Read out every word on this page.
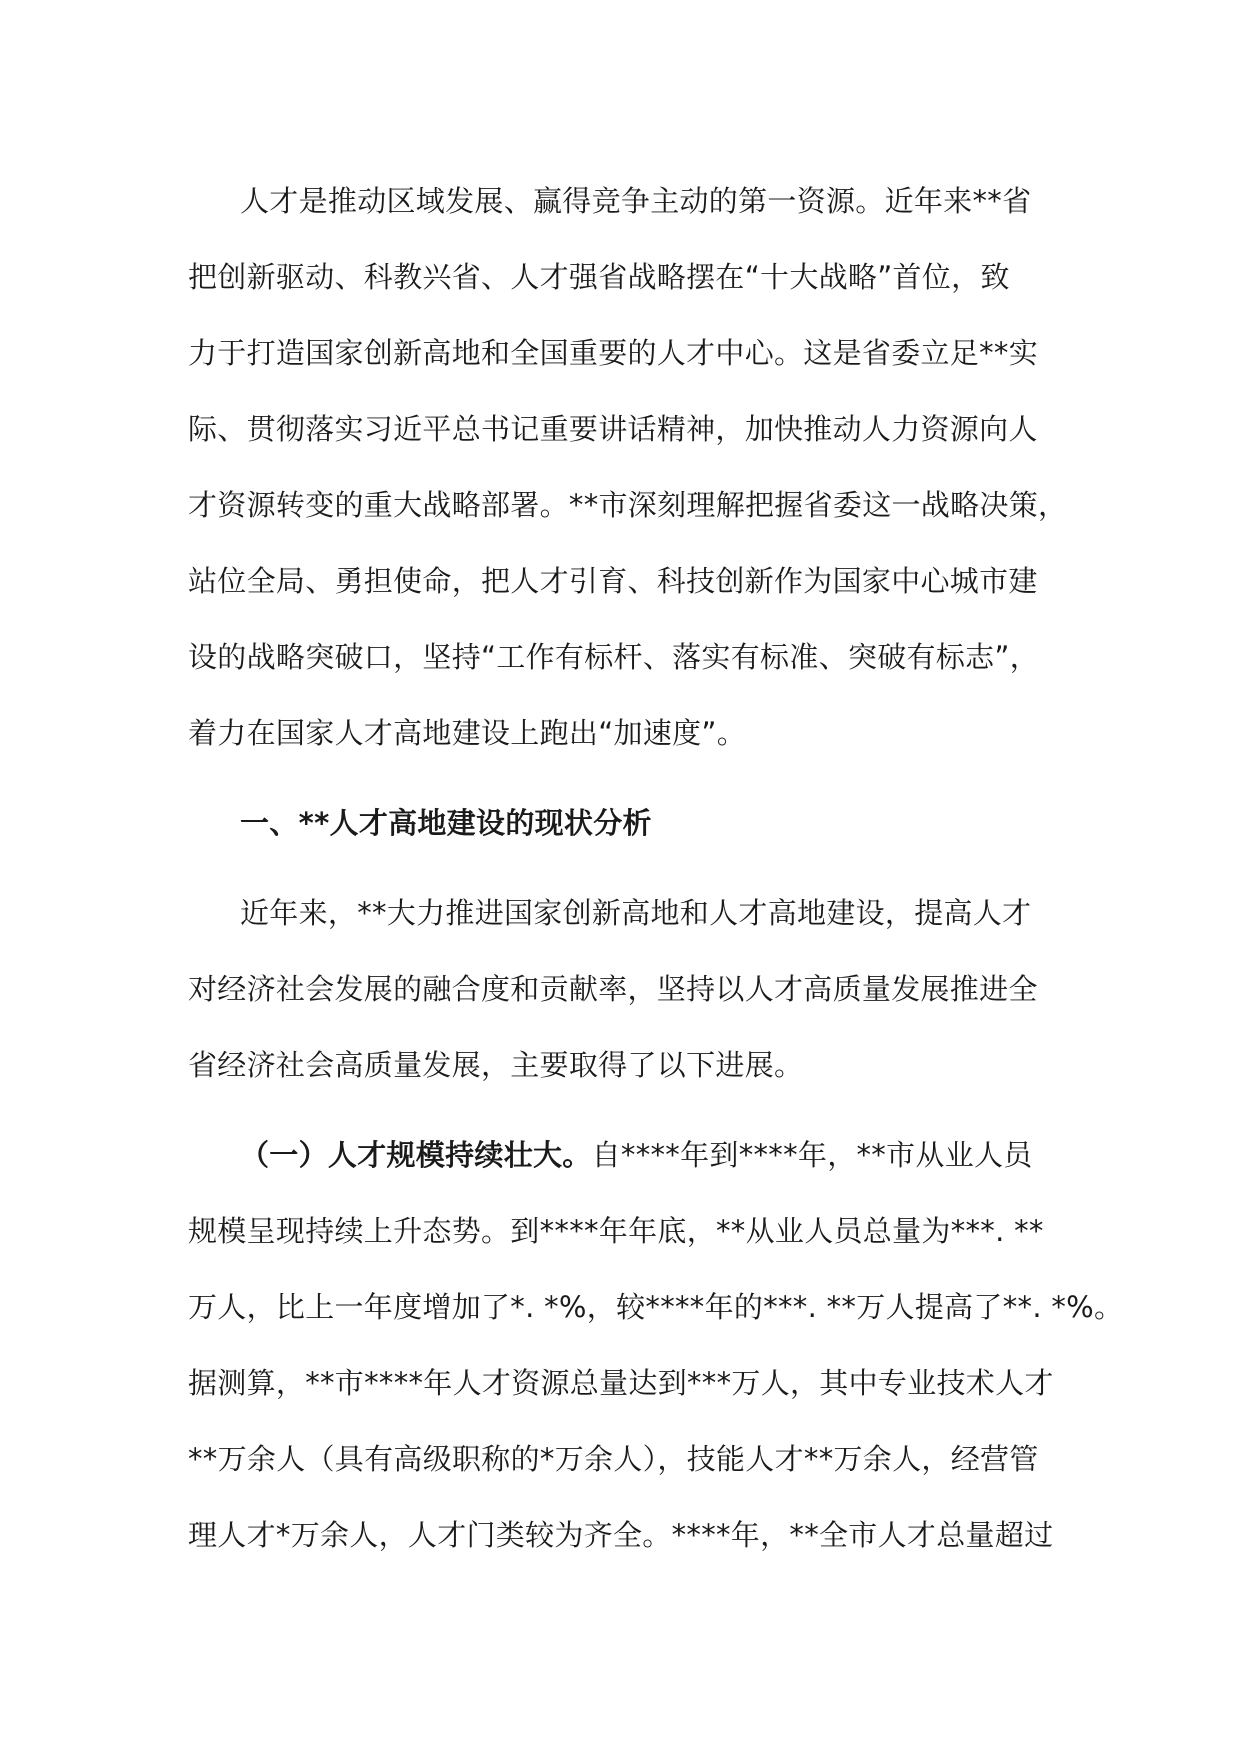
人才是推动区域发展、赢得竞争主动的第一资源。近年来**省
把创新驱动、科教兴省、人才强省战略摆在“十大战略”首位，致
力于打造国家创新高地和全国重要的人才中心。这是省委立足**实
际、贯彻落实习近平总书记重要讲话精神，加快推动人力资源向人
才资源转变的重大战略部署。**市深刻理解把握省委这一战略决策，
站位全局、勇担使命，把人才引育、科技创新作为国家中心城市建
设的战略突破口，坚持“工作有标杆、落实有标准、突破有标志”，
着力在国家人才高地建设上跑出“加速度”。
一、**人才高地建设的现状分析
近年来，**大力推进国家创新高地和人才高地建设，提高人才
对经济社会发展的融合度和贡献率，坚持以人才高质量发展推进全
省经济社会高质量发展，主要取得了以下进展。
（一）人才规模持续壮大。自****年到****年，**市从业人员
规模呈现持续上升态势。到****年年底，**从业人员总量为***. **
万人，比上一年度增加了*. *%，较****年的***. **万人提高了**. *%。
据测算，**市****年人才资源总量达到***万人，其中专业技术人才
**万余人（具有高级职称的*万余人），技能人才**万余人，经营管
理人才*万余人，人才门类较为齐全。****年，**全市人才总量超过
